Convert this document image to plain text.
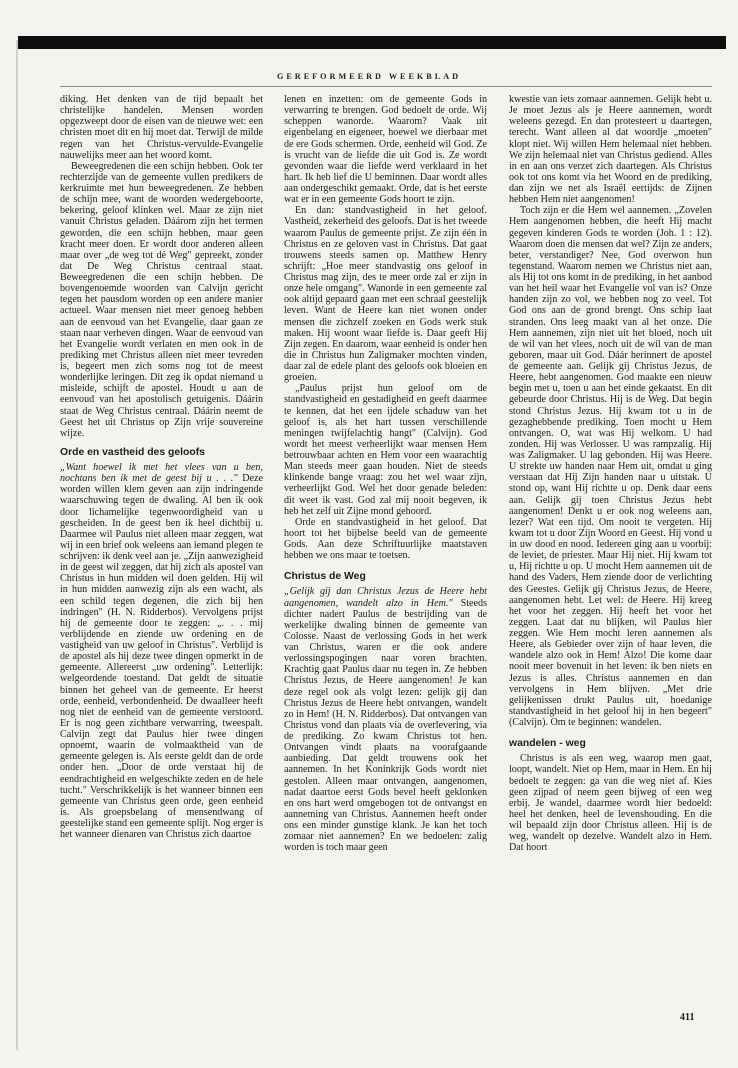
GEREFORMEERD WEEKBLAD

diking. Het denken van de tijd bepaalt het christelijke handelen. Mensen worden opgezweept door de eisen van de nieuwe wet: een christen moet dit en hij moet dat. Terwijl de milde regen van het Christus-vervulde-Evangelie nauwelijks meer aan het woord komt.

Beweegredenen die een schijn hebben. Ook ter rechterzijde van de gemeente vullen predikers de kerkruimte met hun beweegredenen. Ze hebben de schijn mee, want de woorden wedergeboorte, bekering, geloof klinken wel. Maar ze zijn niet vanuit Christus geladen. Dáárom zijn het termen geworden, die een schijn hebben, maar geen kracht meer doen. Er wordt door anderen alleen maar over „de weg tot dé Weg" gepreekt, zonder dat De Weg Christus centraal staat. Beweegredenen die een schijn hebben. De bovengenoemde woorden van Calvijn gericht tegen het pausdom worden op een andere manier actueel. Waar mensen niet meer genoeg hebben aan de eenvoud van het Evangelie, daar gaan ze staan naar verheven dingen. Waar de eenvoud van het Evangelie wordt verlaten en men ook in de prediking met Christus alleen niet meer tevreden is, begeert men zich soms nog tot de meest wonderlijke leringen. Dit zeg ik opdat niemand u misleide, schijft de apostel. Houdt u aan de eenvoud van het apostolisch getuigenis. Dáárin staat de Weg Christus centraal. Dáárin neemt de Geest het uit Christus op Zijn vrije souvereine wijze.

Orde en vastheid des geloofs

„Want hoewel ik met het vlees van u ben, nochtans ben ik met de geest bij u . . ." Deze worden willen klem geven aan zijn indringende waarschuwing tegen de dwaling. Al ben ik ook door lichamelijke tegenwoordigheid van u gescheiden. In de geest ben ik heel dichtbij u. Daarmee wil Paulus niet alleen maar zeggen, wat wij in een brief ook weleens aan iemand plegen te schrijven: ik denk veel aan je. „Zijn aanwezigheid in de geest wil zeggen, dat hij zich als apostel van Christus in hun midden wil doen gelden. Hij wil in hun midden aanwezig zijn als een wacht, als een schild tegen degenen, die zich bij hen indringen" (H. N. Ridderbos). Vervolgens prijst hij de gemeente door te zeggen: „. . . mij verblijdende en ziende uw ordening en de vastigheid van uw geloof in Christus". Verblijd is de apostel als hij deze twee dingen opmerkt in de gemeente. Allereerst „uw ordening". Letterlijk: welgeordende toestand. Dat geldt de situatie binnen het geheel van de gemeente. Er heerst orde, eenheid, verbondenheid. De dwaalleer heeft nog niet de eenheid van de gemeente verstoord. Er is nog geen zichtbare verwarring, tweespalt. Calvijn zegt dat Paulus hier twee dingen opnoemt, waarin de volmaaktheid van de gemeente gelegen is. Als eerste geldt dan de orde onder hen. „Door de orde verstaat hij de eendrachtigheid en welgeschikte zeden en de hele tucht." Verschrikkelijk is het wanneer binnen een gemeente van Christus geen orde, geen eenheid is. Als groepsbelang of mensendwang of geestelijke stand een gemeente splijt. Nog erger is het wanneer dienaren van Christus zich daartoe

lenen en inzetten: om de gemeente Gods in verwarring te brengen. God bedoelt de orde. Wij scheppen wanorde. Waarom? Vaak uit eigenbelang en eigeneer, hoewel we dierbaar met de ere Gods schermen. Orde, eenheid wil God. Ze is vrucht van de liefde die uit God is. Ze wordt gevonden waar die liefde werd verklaard in het hart. Ik heb lief die U beminnen. Daar wordt alles aan ondergeschikt gemaakt. Orde, dat is het eerste wat er in een gemeente Gods hoort te zijn.

En dan: standvastigheid in het geloof. Vastheid, zekerheid des geloofs. Dat is het tweede waarom Paulus de gemeente prijst. Ze zijn één in Christus en ze geloven vast in Christus. Dat gaat trouwens steeds samen op. Matthew Henry schrijft: „Hoe meer standvastig ons geloof in Christus mag zijn, des te meer orde zal er zijn in onze hele omgang". Wanorde in een gemeente zal ook altijd gepaard gaan met een schraal geestelijk leven. Want de Heere kan niet wonen onder mensen die zichzelf zoeken en Gods werk stuk maken. Hij woont waar liefde is. Daar geeft Hij Zijn zegen. En daarom, waar eenheid is onder hen die in Christus hun Zaligmaker mochten vinden, daar zal de edele plant des geloofs ook bloeien en groeien.

„Paulus prijst hun geloof om de standvastigheid en gestadigheid en geeft daarmee te kennen, dat het een ijdele schaduw van het geloof is, als het hart tussen verschillende meningen twijfelachtig hangt" (Calvijn). God wordt het meest verheerlijkt waar mensen Hem betrouwbaar achten en Hem voor een waarachtig Man steeds meer gaan houden. Niet de steeds klinkende bange vraag: zou het wel waar zijn, verheerlijkt God. Wel het door genade beleden: dit weet ik vast. God zal mij nooit begeven, ik heb het zelf uit Zijne mond gehoord.

Orde en standvastigheid in het geloof. Dat hoort tot het bijbelse beeld van de gemeente Gods. Aan deze Schriftuurlijke maatstaven hebben we ons maar te toetsen.

Christus de Weg

„Gelijk gij dan Christus Jezus de Heere hebt aangenomen, wandelt alzo in Hem." Steeds dichter nadert Paulus de bestrijding van de werkelijke dwaling binnen de gemeente van Colosse. Naast de verlossing Gods in het werk van Christus, waren er die ook andere verlossingspogingen naar voren brachten. Krachtig gaat Paulus daar nu tegen in. Ze hebben Christus Jezus, de Heere aangenomen! Je kan deze regel ook als volgt lezen: gelijk gij dan Christus Jezus de Heere hebt ontvangen, wandelt zo in Hem! (H. N. Ridderbos). Dat ontvangen van Christus vond dan plaats via de overlevering, via de prediking. Zo kwam Christus tot hen. Ontvangen vindt plaats na voorafgaande aanbieding. Dat geldt trouwens ook het aannemen. In het Koninkrijk Gods wordt niet gestolen. Alleen maar ontvangen, aangenomen, nadat daartoe eerst Gods bevel heeft geklonken en ons hart werd omgebogen tot de ontvangst en aanneming van Christus. Aannemen heeft onder ons een minder gunstige klank. Je kan het toch zomaar niet aannemen? En we bedoelen: zalig worden is toch maar geen

kwestie van iets zomaar aannemen. Gelijk hebt u. Je moet Jezus als je Heere aannemen, wordt weleens gezegd. En dan protesteert u daartegen, terecht. Want alleen al dat woordje „moeten" klopt niet. Wij willen Hem helemaal niet hebben. We zijn helemaal niet van Christus gediend. Alles in en aan ons verzet zich daartegen. Als Christus ook tot ons komt via het Woord en de prediking, dan zijn we net als Israël eertijds: de Zijnen hebben Hem niet aangenomen!

Toch zijn er die Hem wel aannemen. „Zovelen Hem aangenomen hebben, die heeft Hij macht gegeven kinderen Gods te worden (Joh. 1 : 12). Waarom doen die mensen dat wel? Zijn ze anders, beter, verstandiger? Nee, God overwon hun tegenstand. Waarom nemen we Christus niet aan, als Hij tot ons komt in de prediking, in het aanbod van het heil waar het Evangelie vol van is? Onze handen zijn zo vol, we hebben nog zo veel. Tot God ons aan de grond brengt. Ons schip laat stranden. Ons leeg maakt van al het onze. Die Hem aannemen, zijn niet uit het bloed, noch uit de wil van het vlees, noch uit de wil van de man geboren, maar uit God. Dáár herinnert de apostel de gemeente aan. Gelijk gij Christus Jezus, de Heere, hebt aangenomen. God maakte een nieuw begin met u, toen u aan het einde gekaatst. En dit gebeurde door Christus. Hij is de Weg. Dat begin stond Christus Jezus. Hij kwam tot u in de gezaghebbende prediking. Toen mocht u Hem ontvangen. O, wat was Hij welkom. U had zonden. Hij was Verlosser. U was rampzalig. Hij was Zaligmaker. U lag gebonden. Hij was Heere. U strekte uw handen naar Hem uit, omdat u ging verstaan dat Hij Zijn handen naar u uitstak. U stond op, want Hij richtte u op. Denk daar eens aan. Gelijk gij toen Christus Jezus hebt aangenomen! Denkt u er ook nog weleens aan, lezer? Wat een tijd. Om nooit te vergeten. Hij kwam tot u door Zijn Woord en Geest. Hij vond u in uw dood en nood. Iedereen ging aan u voorbij: de leviet, de priester. Maar Hij niet. Hij kwam tot u, Hij richtte u op. U mocht Hem aannemen uit de hand des Vaders, Hem ziende door de verlichting des Geestes. Gelijk gij Christus Jezus, de Heere, aangenomen hebt. Let wel: de Heere. Hij kreeg het voor het zeggen. Hij heeft het voor het zeggen. Laat dat nu blijken, wil Paulus hier zeggen. Wie Hem mocht leren aannemen als Heere, als Gebieder over zijn of haar leven, die wandele alzo ook in Hem! Alzo! Die kome daar nooit meer bovenuit in het leven: ik ben niets en Jezus is alles. Christus aannemen en dan vervolgens in Hem blijven. „Met drie gelijkenissen drukt Paulus uit, hoedanige standvastigheid in het geloof hij in hen begeert" (Calvijn). Om te beginnen: wandelen.

wandelen - weg

Christus is als een weg, waarop men gaat, loopt, wandelt. Niet op Hem, maar in Hem. En hij bedoelt te zeggen: ga van die weg niet af. Kies geen zijpad of neem geen bijweg of een weg erbij. Je wandel, daarmee wordt hier bedoeld: heel het denken, heel de levenshouding. En die wil bepaald zijn door Christus alleen. Hij is de weg, wandelt op dezelve. Wandelt alzo in Hem. Dat hoort

411
